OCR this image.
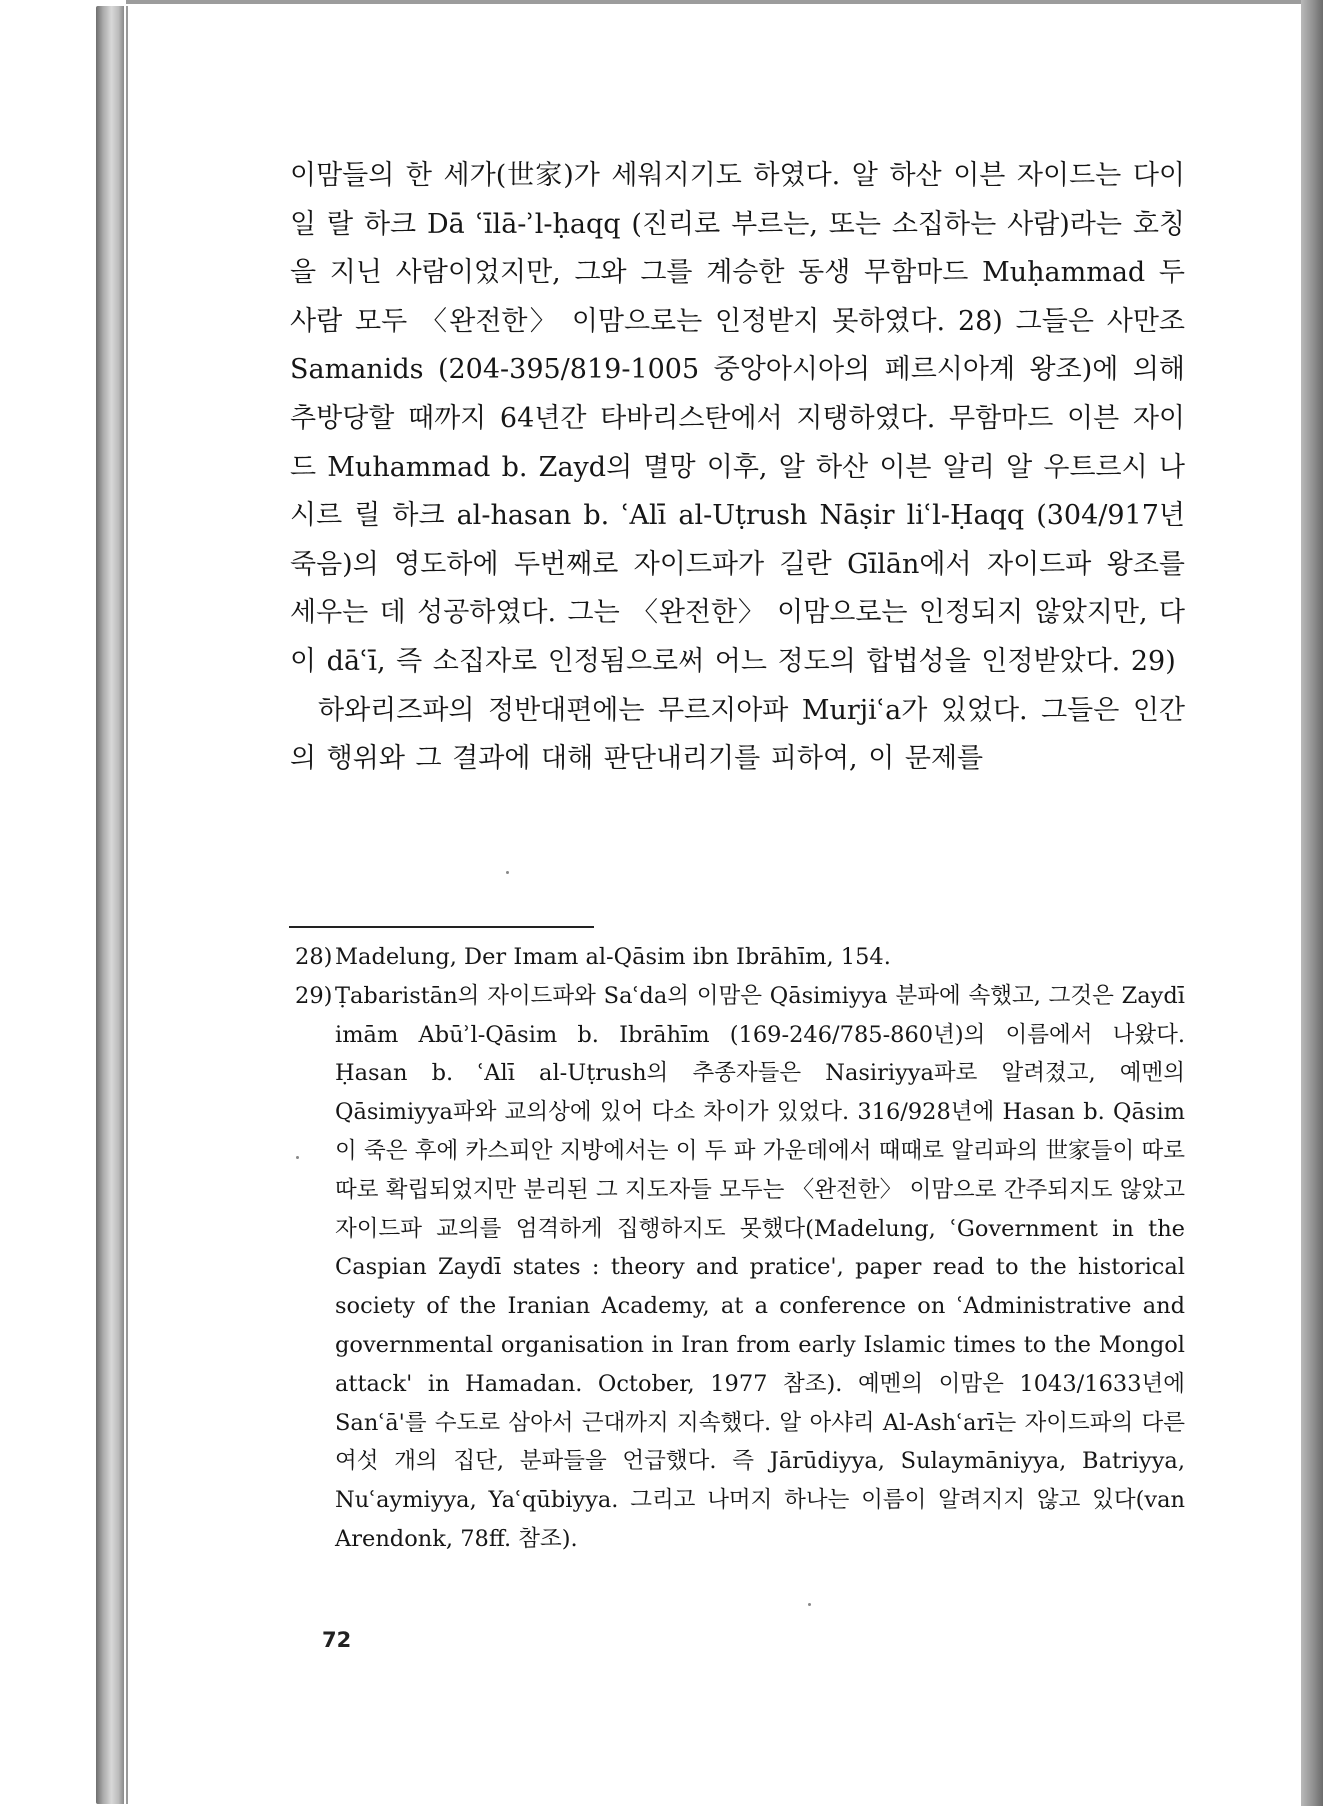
이맘들의 한 세가(世家)가 세워지기도 하였다. 알 하산 이븐 자이드는 다이 일 랄 하크 Dā ʿīlā-ʾl-ḥaqq (진리로 부르는, 또는 소집하는 사람)라는 호칭을 지닌 사람이었지만, 그와 그를 계승한 동생 무함마드 Muḥammad 두 사람 모두 〈완전한〉 이맘으로는 인정받지 못하였다. 28) 그들은 사만조 Samanids (204-395/819-1005 중앙아시아의 페르시아계 왕조)에 의해 추방당할 때까지 64년간 타바리스탄에서 지탱하였다. 무함마드 이븐 자이드 Muhammad b. Zayd의 멸망 이후, 알 하산 이븐 알리 알 우트르시 나시르 릴 하크 al-hasan b. ʿAlī al-Uṭrush Nāṣir liʿl-Ḥaqq (304/917년 죽음)의 영도하에 두번째로 자이드파가 길란 Gīlān에서 자이드파 왕조를 세우는 데 성공하였다. 그는 〈완전한〉 이맘으로는 인정되지 않았지만, 다이 dāʿī, 즉 소집자로 인정됨으로써 어느 정도의 합법성을 인정받았다. 29)

하와리즈파의 정반대편에는 무르지아파 Murjiʿa가 있었다. 그들은 인간의 행위와 그 결과에 대해 판단내리기를 피하여, 이 문제를

28) Madelung, Der Imam al-Qāsim ibn Ibrāhīm, 154.
29) Ṭabaristān의 자이드파와 Saʿda의 이맘은 Qāsimiyya 분파에 속했고, 그것은 Zaydī imām Abūʾl-Qāsim b. Ibrāhīm (169-246/785-860년)의 이름에서 나왔다. Ḥasan b. ʿAlī al-Uṭrush의 추종자들은 Nasiriyya파로 알려졌고, 예멘의 Qāsimiyya파와 교의상에 있어 다소 차이가 있었다. 316/928년에 Hasan b. Qāsim이 죽은 후에 카스피안 지방에서는 이 두 파 가운데에서 때때로 알리파의 世家들이 따로따로 확립되었지만 분리된 그 지도자들 모두는 〈완전한〉 이맘으로 간주되지도 않았고 자이드파 교의를 엄격하게 집행하지도 못했다(Madelung, ʿGovernment in the Caspian Zaydī states : theory and pratice', paper read to the historical society of the Iranian Academy, at a conference on ʿAdministrative and governmental organisation in Iran from early Islamic times to the Mongol attack' in Hamadan. October, 1977 참조). 예멘의 이맘은 1043/1633년에 Sanʿā'를 수도로 삼아서 근대까지 지속했다. 알 아샤리 Al-Ashʿarī는 자이드파의 다른 여섯 개의 집단, 분파들을 언급했다. 즉 Jārūdiyya, Sulaymāniyya, Batriyya, Nuʿaymiyya, Yaʿqūbiyya. 그리고 나머지 하나는 이름이 알려지지 않고 있다(van Arendonk, 78ff. 참조).
72
